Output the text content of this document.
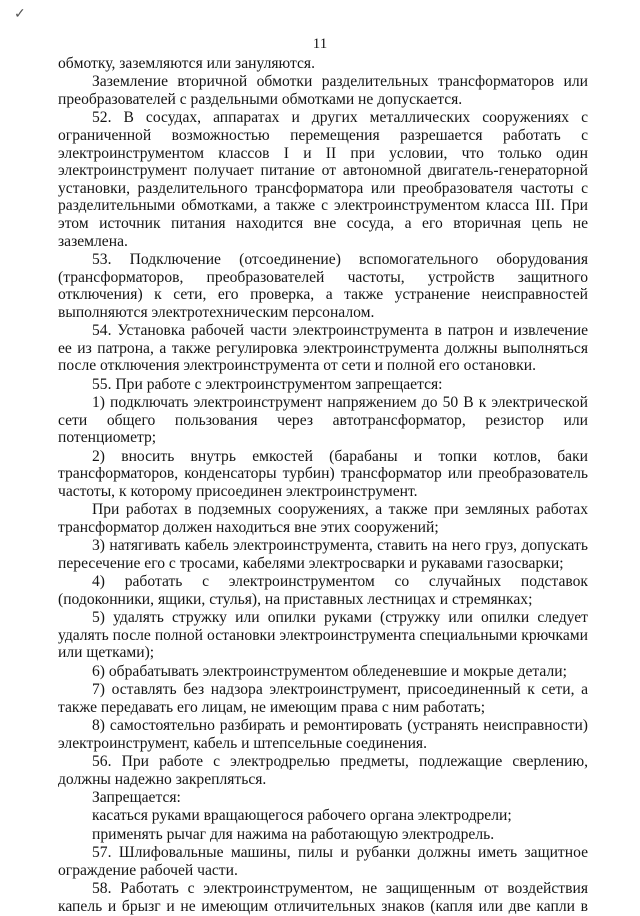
✓
11

обмотку, заземляются или зануляются.

Заземление вторичной обмотки разделительных трансформаторов или преобразователей с раздельными обмотками не допускается.

52. В сосудах, аппаратах и других металлических сооружениях с ограниченной возможностью перемещения разрешается работать с электроинструментом классов I и II при условии, что только один электроинструмент получает питание от автономной двигатель-генераторной установки, разделительного трансформатора или преобразователя частоты с разделительными обмотками, а также с электроинструментом класса III. При этом источник питания находится вне сосуда, а его вторичная цепь не заземлена.

53. Подключение (отсоединение) вспомогательного оборудования (трансформаторов, преобразователей частоты, устройств защитного отключения) к сети, его проверка, а также устранение неисправностей выполняются электротехническим персоналом.

54. Установка рабочей части электроинструмента в патрон и извлечение ее из патрона, а также регулировка электроинструмента должны выполняться после отключения электроинструмента от сети и полной его остановки.

55. При работе с электроинструментом запрещается:

1) подключать электроинструмент напряжением до 50 В к электрической сети общего пользования через автотрансформатор, резистор или потенциометр;

2) вносить внутрь емкостей (барабаны и топки котлов, баки трансформаторов, конденсаторы турбин) трансформатор или преобразователь частоты, к которому присоединен электроинструмент.

При работах в подземных сооружениях, а также при земляных работах трансформатор должен находиться вне этих сооружений;

3) натягивать кабель электроинструмента, ставить на него груз, допускать пересечение его с тросами, кабелями электросварки и рукавами газосварки;

4) работать с электроинструментом со случайных подставок (подоконники, ящики, стулья), на приставных лестницах и стремянках;

5) удалять стружку или опилки руками (стружку или опилки следует удалять после полной остановки электроинструмента специальными крючками или щетками);

6) обрабатывать электроинструментом обледеневшие и мокрые детали;

7) оставлять без надзора электроинструмент, присоединенный к сети, а также передавать его лицам, не имеющим права с ним работать;

8) самостоятельно разбирать и ремонтировать (устранять неисправности) электроинструмент, кабель и штепсельные соединения.

56. При работе с электродрелью предметы, подлежащие сверлению, должны надежно закрепляться.

Запрещается:

касаться руками вращающегося рабочего органа электродрели;

применять рычаг для нажима на работающую электродрель.

57. Шлифовальные машины, пилы и рубанки должны иметь защитное ограждение рабочей части.

58. Работать с электроинструментом, не защищенным от воздействия капель и брызг и не имеющим отличительных знаков (капля или две капли в
